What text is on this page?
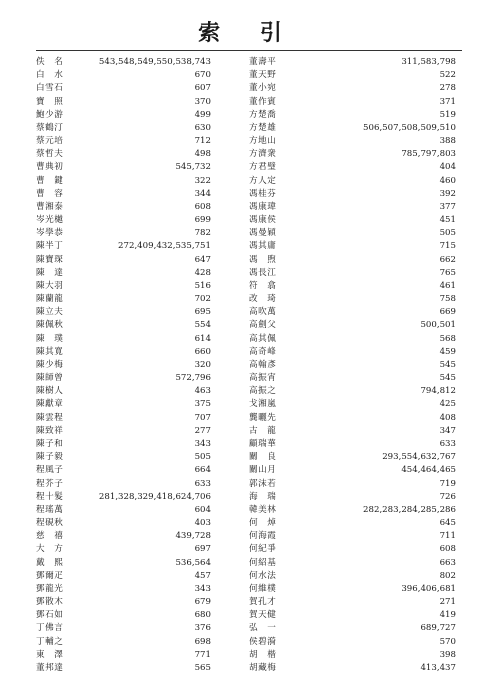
索 引
佚　名	543,548,549,550,538,743
白　水	670
白雪石	607
寶　照	370
鮑少游	499
蔡鶴汀	630
蔡元培	712
蔡哲夫	498
曹典初	545,732
曹　鍵	322
曹　容	344
曹湘泰	608
岑光樾	699
岑學恭	782
陳半丁	272,409,432,535,751
陳寶琛	647
陳　達	428
陳大羽	516
陳蘭龍	702
陳立夫	695
陳佩秋	554
陳　璞	614
陳其寬	660
陳少梅	320
陳師曾	572,796
陳樹人	463
陳獻章	375
陳雲程	707
陳致祥	277
陳子和	343
陳子毅	505
程風子	664
程芥子	633
程十髮	281,328,329,418,624,706
程瑤萬	604
程硯秋	403
慈　禧	439,728
大　方	697
戴　熙	536,564
鄧爾疋	457
鄧龍光	343
鄧散木	679
鄧石如	680
丁佛言	376
丁輔之	698
東　澤	771
董邦達	565
董壽平	311,583,798
董天野	522
董小宛	278
董作賓	371
方楚喬	519
方楚雄	506,507,508,509,510
方地山	388
方濟衆	785,797,803
方君璧	404
方人定	460
馮桂芬	392
馮康瑋	377
馮康侯	451
馮曼穎	505
馮其庸	715
馮　煦	662
馮長江	765
符　翕	461
改　琦	758
高吹萬	669
高劍父	500,501
高其佩	568
高奇峰	459
高翰彥	545
高振宵	545
高振之	794,812
戈湘嵐	425
龔曬先	408
古　龍	347
顧瑞華	633
關　良	293,554,632,767
關山月	454,464,465
郭沫若	719
海　瑞	726
韓美林	282,283,284,285,286
何　焯	645
何海霞	711
何紀爭	608
何紹基	663
何水法	802
何維樸	396,406,681
賀孔才	271
賀天健	419
弘　一	689,727
侯碧漪	570
胡　楷	398
胡藏梅	413,437
